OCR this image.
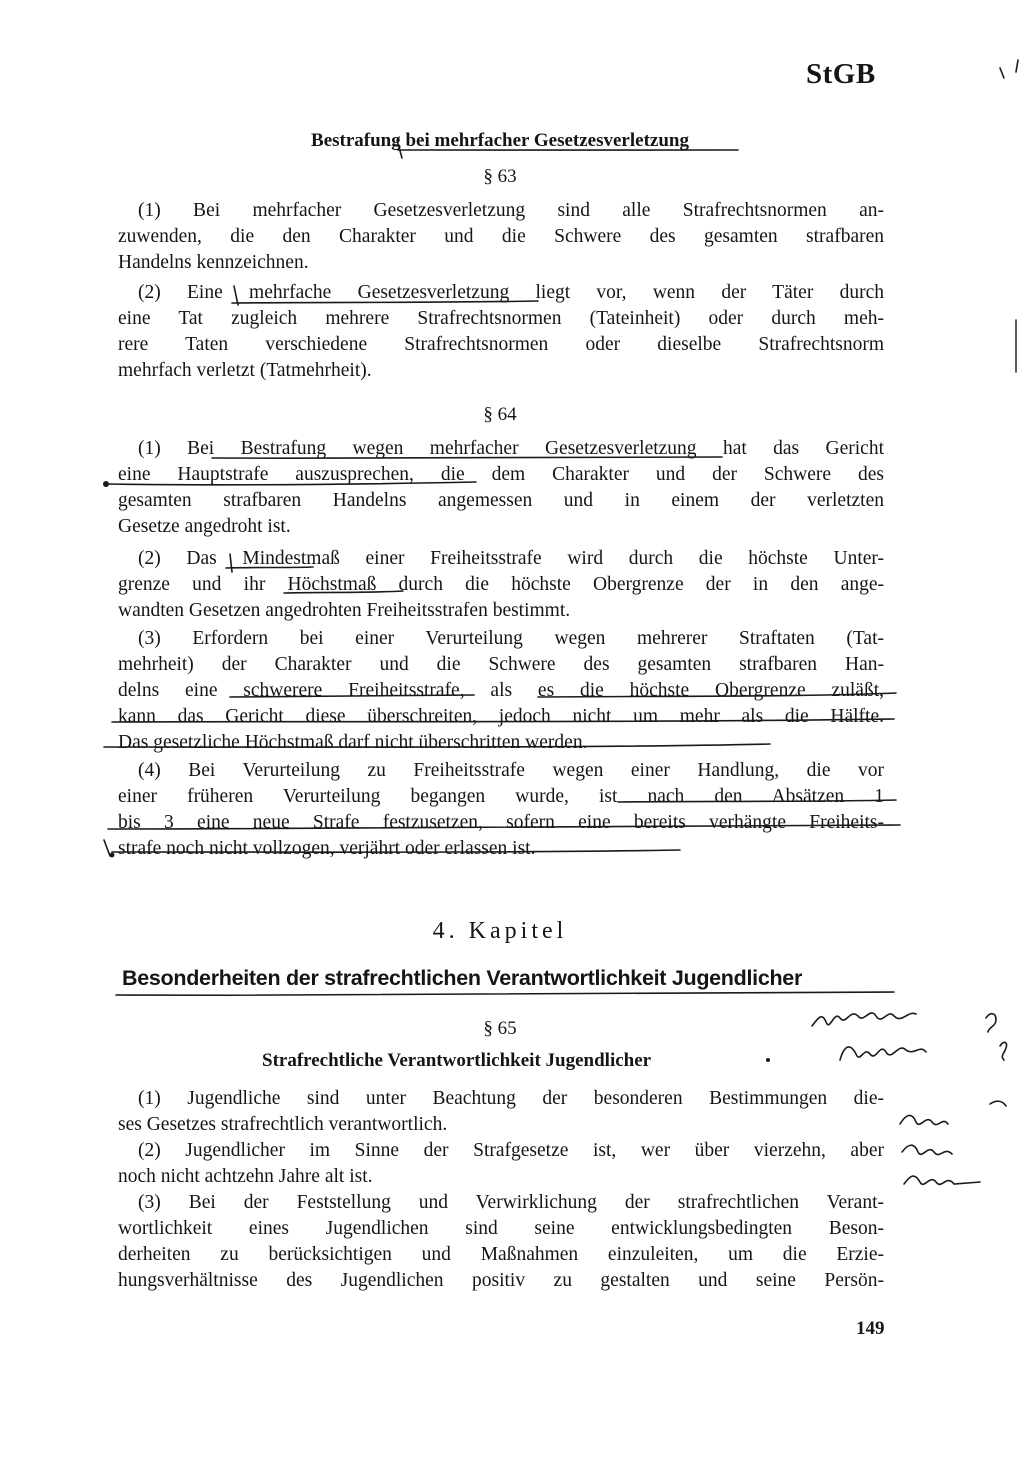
StGB
Bestrafung bei mehrfacher Gesetzesverletzung
§ 63
(1) Bei mehrfacher Gesetzesverletzung sind alle Strafrechtsnormen an-
zuwenden, die den Charakter und die Schwere des gesamten strafbaren
Handelns kennzeichnen.
(2) Eine mehrfache Gesetzesverletzung liegt vor, wenn der Täter durch
eine Tat zugleich mehrere Strafrechtsnormen (Tateinheit) oder durch meh-
rere Taten verschiedene Strafrechtsnormen oder dieselbe Strafrechtsnorm
mehrfach verletzt (Tatmehrheit).
§ 64
(1) Bei Bestrafung wegen mehrfacher Gesetzesverletzung hat das Gericht
eine Hauptstrafe auszusprechen, die dem Charakter und der Schwere des
gesamten strafbaren Handelns angemessen und in einem der verletzten
Gesetze angedroht ist.
(2) Das Mindestmaß einer Freiheitsstrafe wird durch die höchste Unter-
grenze und ihr Höchstmaß durch die höchste Obergrenze der in den ange-
wandten Gesetzen angedrohten Freiheitsstrafen bestimmt.
(3) Erfordern bei einer Verurteilung wegen mehrerer Straftaten (Tat-
mehrheit) der Charakter und die Schwere des gesamten strafbaren Han-
delns eine schwerere Freiheitsstrafe, als es die höchste Obergrenze zuläßt,
kann das Gericht diese überschreiten, jedoch nicht um mehr als die Hälfte.
Das gesetzliche Höchstmaß darf nicht überschritten werden.
(4) Bei Verurteilung zu Freiheitsstrafe wegen einer Handlung, die vor
einer früheren Verurteilung begangen wurde, ist nach den Absätzen 1
bis 3 eine neue Strafe festzusetzen, sofern eine bereits verhängte Freiheits-
strafe noch nicht vollzogen, verjährt oder erlassen ist.
4. Kapitel
Besonderheiten der strafrechtlichen Verantwortlichkeit Jugendlicher
§ 65
Strafrechtliche Verantwortlichkeit Jugendlicher
(1) Jugendliche sind unter Beachtung der besonderen Bestimmungen die-
ses Gesetzes strafrechtlich verantwortlich.
(2) Jugendlicher im Sinne der Strafgesetze ist, wer über vierzehn, aber
noch nicht achtzehn Jahre alt ist.
(3) Bei der Feststellung und Verwirklichung der strafrechtlichen Verant-
wortlichkeit eines Jugendlichen sind seine entwicklungsbedingten Beson-
derheiten zu berücksichtigen und Maßnahmen einzuleiten, um die Erzie-
hungsverhältnisse des Jugendlichen positiv zu gestalten und seine Persön-
149
